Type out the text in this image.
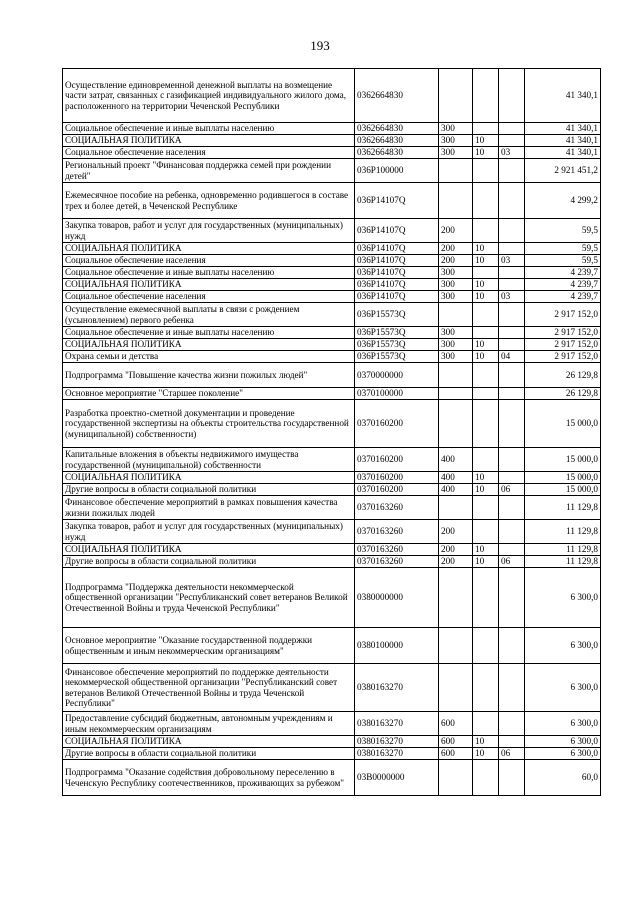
193
Осуществление единовременной денежной выплаты на возмещение части затрат, связанных с газификацией индивидуального жилого дома, расположенного на территории Чеченской Республики	0362664830				41 340,1
Социальное обеспечение и иные выплаты населению	0362664830	300			41 340,1
СОЦИАЛЬНАЯ ПОЛИТИКА	0362664830	300	10		41 340,1
Социальное обеспечение населения	0362664830	300	10	03	41 340,1
Региональный проект "Финансовая поддержка семей при рождении детей"	036P100000				2 921 451,2
Ежемесячное пособие на ребенка, одновременно родившегося в составе трех и более детей, в Чеченской Республике	036P14107Q				4 299,2
Закупка товаров, работ и услуг для государственных (муниципальных) нужд	036P14107Q	200			59,5
СОЦИАЛЬНАЯ ПОЛИТИКА	036P14107Q	200	10		59,5
Социальное обеспечение населения	036P14107Q	200	10	03	59,5
Социальное обеспечение и иные выплаты населению	036P14107Q	300			4 239,7
СОЦИАЛЬНАЯ ПОЛИТИКА	036P14107Q	300	10		4 239,7
Социальное обеспечение населения	036P14107Q	300	10	03	4 239,7
Осуществление ежемесячной выплаты в связи с рождением (усыновлением) первого ребенка	036P15573Q				2 917 152,0
Социальное обеспечение и иные выплаты населению	036P15573Q	300			2 917 152,0
СОЦИАЛЬНАЯ ПОЛИТИКА	036P15573Q	300	10		2 917 152,0
Охрана семьи и детства	036P15573Q	300	10	04	2 917 152,0
Подпрограмма "Повышение качества жизни пожилых людей"	0370000000				26 129,8
Основное мероприятие "Старшее поколение"	0370100000				26 129,8
Разработка проектно-сметной документации и проведение государственной экспертизы на объекты строительства государственной (муниципальной) собственности)	0370160200				15 000,0
Капитальные вложения в объекты недвижимого имущества государственной (муниципальной) собственности	0370160200	400			15 000,0
СОЦИАЛЬНАЯ ПОЛИТИКА	0370160200	400	10		15 000,0
Другие вопросы в области социальной политики	0370160200	400	10	06	15 000,0
Финансовое обеспечение мероприятий в рамках повышения качества жизни пожилых людей	0370163260				11 129,8
Закупка товаров, работ и услуг для государственных (муниципальных) нужд	0370163260	200			11 129,8
СОЦИАЛЬНАЯ ПОЛИТИКА	0370163260	200	10		11 129,8
Другие вопросы в области социальной политики	0370163260	200	10	06	11 129,8
Подпрограмма "Поддержка деятельности некоммерческой общественной организации "Республиканский совет ветеранов Великой Отечественной Войны и труда Чеченской Республики"	0380000000				6 300,0
Основное мероприятие "Оказание государственной поддержки общественным и иным некоммерческим организациям"	0380100000				6 300,0
Финансовое обеспечение мероприятий по поддержке деятельности некоммерческой общественной организации "Республиканский совет ветеранов Великой Отечественной Войны и труда Чеченской Республики"	0380163270				6 300,0
Предоставление субсидий бюджетным, автономным учреждениям и иным некоммерческим организациям	0380163270	600			6 300,0
СОЦИАЛЬНАЯ ПОЛИТИКА	0380163270	600	10		6 300,0
Другие вопросы в области социальной политики	0380163270	600	10	06	6 300,0
Подпрограмма "Оказание содействия добровольному переселению в Чеченскую Республику соотечественников, проживающих за рубежом"	03В0000000				60,0
